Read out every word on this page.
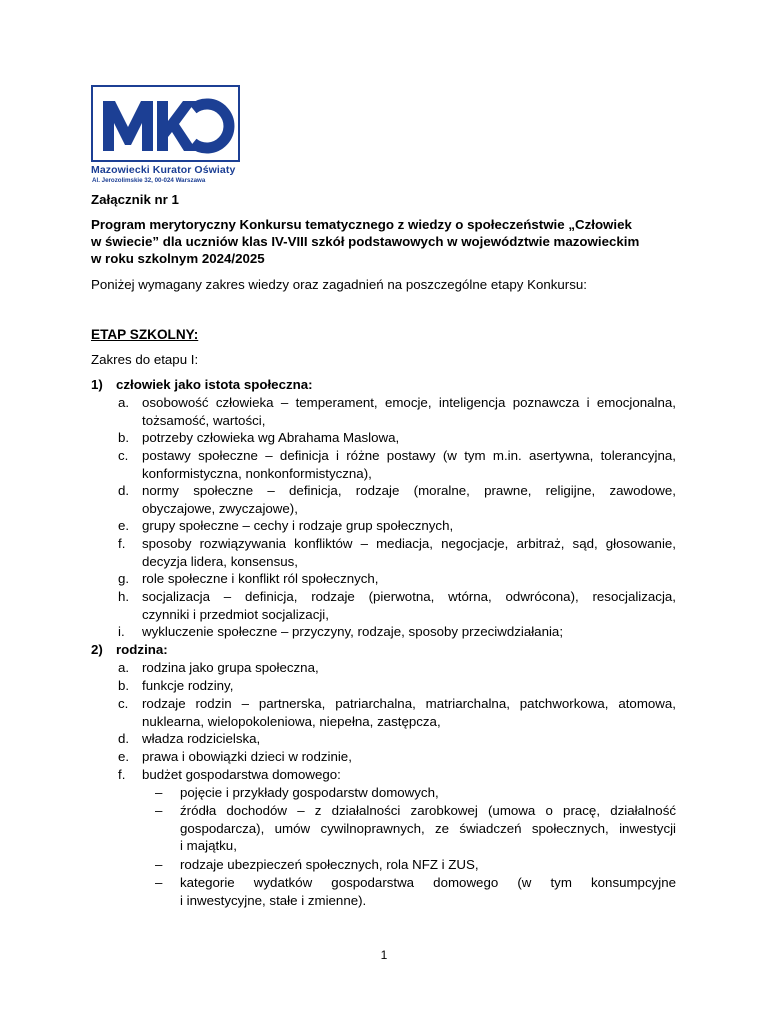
Mazowiecki Kurator Oświaty
Al. Jerozolimskie 32, 00-024 Warszawa
Załącznik nr 1
Program merytoryczny Konkursu tematycznego z wiedzy o społeczeństwie „Człowiek
w świecie” dla uczniów klas IV-VIII szkół podstawowych w województwie mazowieckim
w roku szkolnym 2024/2025
Poniżej wymagany zakres wiedzy oraz zagadnień na poszczególne etapy Konkursu:
ETAP SZKOLNY:
Zakres do etapu I:
1) człowiek jako istota społeczna:
a. osobowość człowieka – temperament, emocje, inteligencja poznawcza i emocjonalna,
tożsamość, wartości,
b. potrzeby człowieka wg Abrahama Maslowa,
c. postawy społeczne – definicja i różne postawy (w tym m.in. asertywna, tolerancyjna,
konformistyczna, nonkonformistyczna),
d. normy społeczne – definicja, rodzaje (moralne, prawne, religijne, zawodowe,
obyczajowe, zwyczajowe),
e. grupy społeczne – cechy i rodzaje grup społecznych,
f. sposoby rozwiązywania konfliktów – mediacja, negocjacje, arbitraż, sąd, głosowanie,
decyzja lidera, konsensus,
g. role społeczne i konflikt ról społecznych,
h. socjalizacja – definicja, rodzaje (pierwotna, wtórna, odwrócona), resocjalizacja,
czynniki i przedmiot socjalizacji,
i. wykluczenie społeczne – przyczyny, rodzaje, sposoby przeciwdziałania;
2) rodzina:
a. rodzina jako grupa społeczna,
b. funkcje rodziny,
c. rodzaje rodzin – partnerska, patriarchalna, matriarchalna, patchworkowa, atomowa,
nuklearna, wielopokoleniowa, niepełna, zastępcza,
d. władza rodzicielska,
e. prawa i obowiązki dzieci w rodzinie,
f. budżet gospodarstwa domowego:
– pojęcie i przykłady gospodarstw domowych,
– źródła dochodów – z działalności zarobkowej (umowa o pracę, działalność
gospodarcza), umów cywilnoprawnych, ze świadczeń społecznych, inwestycji
i majątku,
– rodzaje ubezpieczeń społecznych, rola NFZ i ZUS,
– kategorie wydatków gospodarstwa domowego (w tym konsumpcyjne
i inwestycyjne, stałe i zmienne).
1
